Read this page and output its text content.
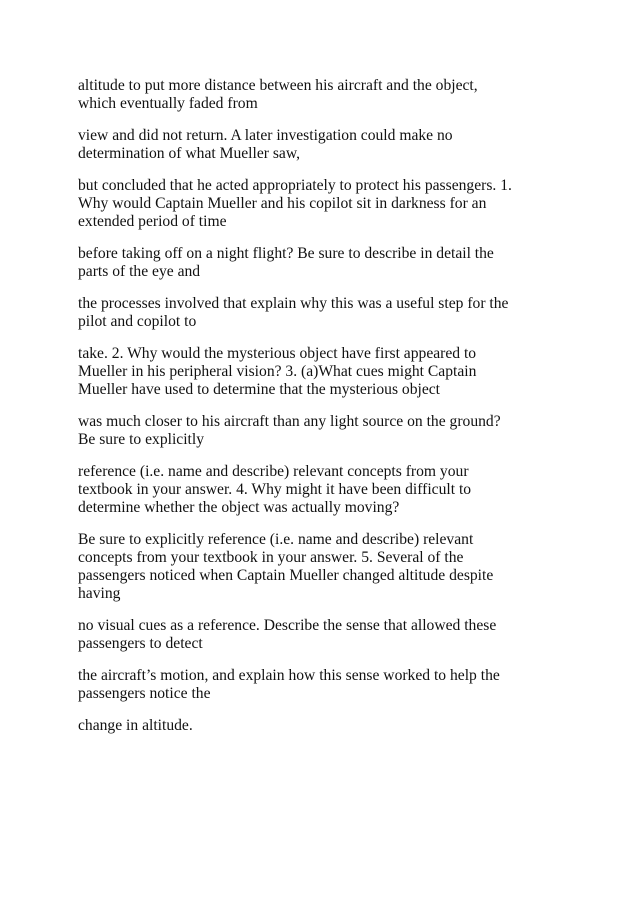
altitude to put more distance between his aircraft and the object,
which eventually faded from

view and did not return. A later investigation could make no
determination of what Mueller saw,

but concluded that he acted appropriately to protect his passengers. 1.
Why would Captain Mueller and his copilot sit in darkness for an
extended period of time

before taking off on a night flight? Be sure to describe in detail the
parts of the eye and

the processes involved that explain why this was a useful step for the
pilot and copilot to

take. 2. Why would the mysterious object have first appeared to
Mueller in his peripheral vision? 3. (a)What cues might Captain
Mueller have used to determine that the mysterious object

was much closer to his aircraft than any light source on the ground?
Be sure to explicitly

reference (i.e. name and describe) relevant concepts from your
textbook in your answer. 4. Why might it have been difficult to
determine whether the object was actually moving?

Be sure to explicitly reference (i.e. name and describe) relevant
concepts from your textbook in your answer. 5. Several of the
passengers noticed when Captain Mueller changed altitude despite
having

no visual cues as a reference. Describe the sense that allowed these
passengers to detect

the aircraft’s motion, and explain how this sense worked to help the
passengers notice the

change in altitude.
